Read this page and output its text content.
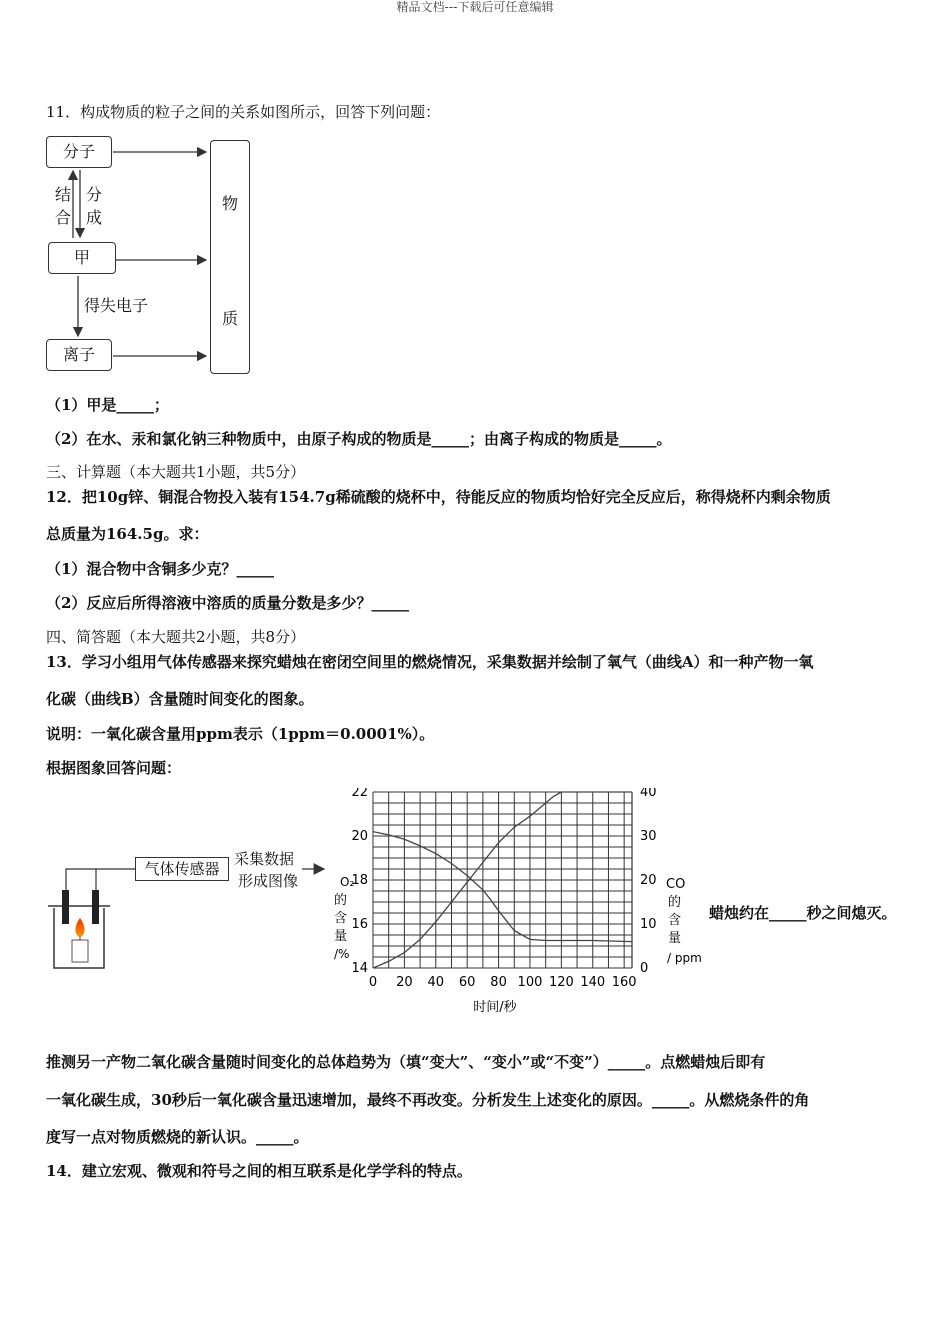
精品文档---下载后可任意编辑
11．构成物质的粒子之间的关系如图所示，回答下列问题：
分子
甲
离子
物
质
结
合
分
成
得失电子
（1）甲是_____；
（2）在水、汞和氯化钠三种物质中，由原子构成的物质是_____；由离子构成的物质是_____。
三、计算题（本大题共1小题，共5分）
12．把10g锌、铜混合物投入装有154.7g稀硫酸的烧杯中，待能反应的物质均恰好完全反应后，称得烧杯内剩余物质
总质量为164.5g。求：
（1）混合物中含铜多少克？_____
（2）反应后所得溶液中溶质的质量分数是多少？_____
四、简答题（本大题共2小题，共8分）
13．学习小组用气体传感器来探究蜡烛在密闭空间里的燃烧情况，采集数据并绘制了氧气（曲线A）和一种产物一氧
化碳（曲线B）含量随时间变化的图象。
说明：一氧化碳含量用ppm表示（1ppm＝0.0001%）。
根据图象回答问题：
气体传感器
采集数据
形成图像
14
16
18
20
22
0
10
20
30
40
0 20 40 60 80 100 120 140 160
O₂
的
含
量
/%
CO
的
含
量
/ ppm
时间/秒
蜡烛约在_____秒之间熄灭。
推测另一产物二氧化碳含量随时间变化的总体趋势为（填“变大”、“变小”或“不变”）_____。点燃蜡烛后即有
一氧化碳生成，30秒后一氧化碳含量迅速增加，最终不再改变。分析发生上述变化的原因。_____。从燃烧条件的角
度写一点对物质燃烧的新认识。_____。
14．建立宏观、微观和符号之间的相互联系是化学学科的特点。
